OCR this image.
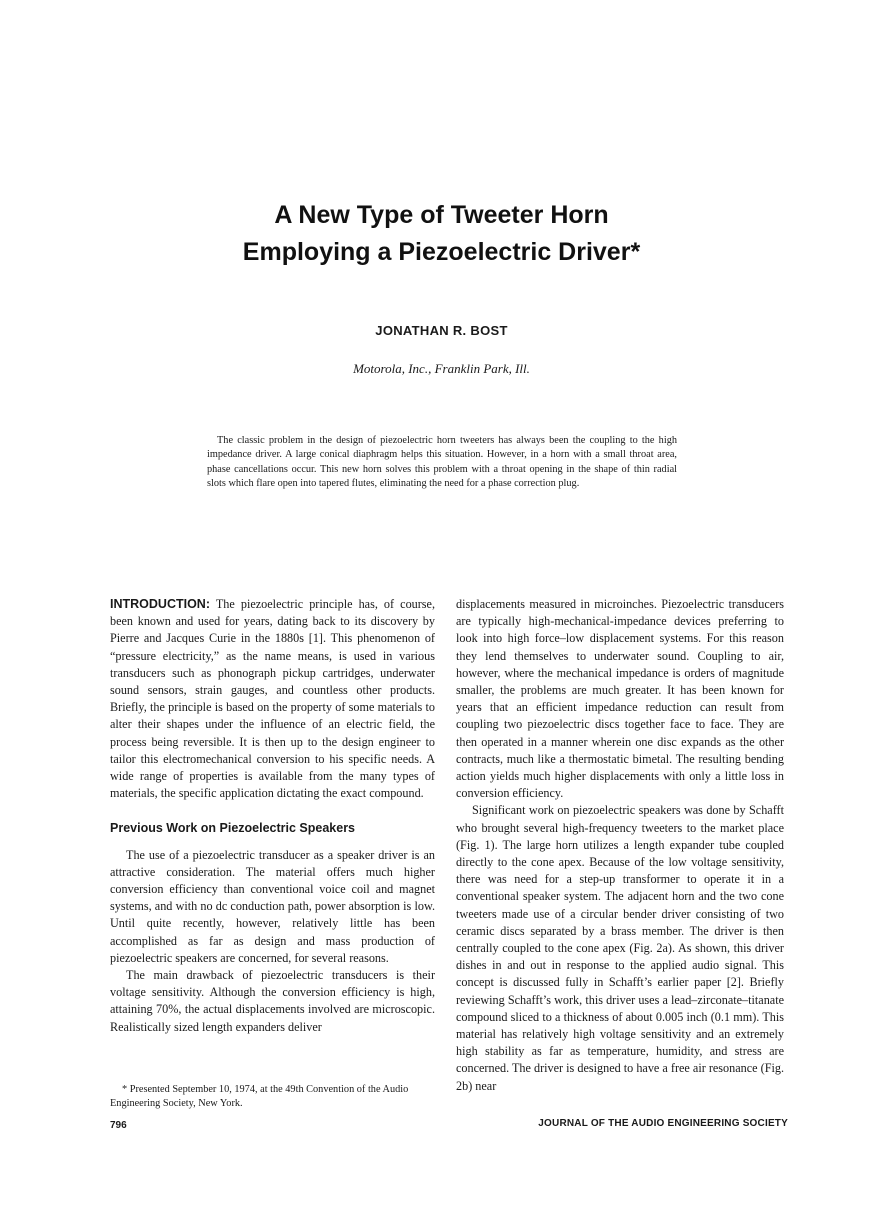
A New Type of Tweeter Horn
Employing a Piezoelectric Driver*
JONATHAN R. BOST
Motorola, Inc., Franklin Park, Ill.

The classic problem in the design of piezoelectric horn tweeters has always been the coupling to the high impedance driver. A large conical diaphragm helps this situation. However, in a horn with a small throat area, phase cancellations occur. This new horn solves this problem with a throat opening in the shape of thin radial slots which flare open into tapered flutes, eliminating the need for a phase correction plug.

INTRODUCTION: The piezoelectric principle has, of course, been known and used for years, dating back to its discovery by Pierre and Jacques Curie in the 1880s [1]. This phenomenon of “pressure electricity,” as the name means, is used in various transducers such as phonograph pickup cartridges, underwater sound sensors, strain gauges, and countless other products. Briefly, the principle is based on the property of some materials to alter their shapes under the influence of an electric field, the process being reversible. It is then up to the design engineer to tailor this electromechanical conversion to his specific needs. A wide range of properties is available from the many types of materials, the specific application dictating the exact compound.

Previous Work on Piezoelectric Speakers

The use of a piezoelectric transducer as a speaker driver is an attractive consideration. The material offers much higher conversion efficiency than conventional voice coil and magnet systems, and with no dc conduction path, power absorption is low. Until quite recently, however, relatively little has been accomplished as far as design and mass production of piezoelectric speakers are concerned, for several reasons.

The main drawback of piezoelectric transducers is their voltage sensitivity. Although the conversion efficiency is high, attaining 70%, the actual displacements involved are microscopic. Realistically sized length expanders deliver

displacements measured in microinches. Piezoelectric transducers are typically high-mechanical-impedance devices preferring to look into high force–low displacement systems. For this reason they lend themselves to underwater sound. Coupling to air, however, where the mechanical impedance is orders of magnitude smaller, the problems are much greater. It has been known for years that an efficient impedance reduction can result from coupling two piezoelectric discs together face to face. They are then operated in a manner wherein one disc expands as the other contracts, much like a thermostatic bimetal. The resulting bending action yields much higher displacements with only a little loss in conversion efficiency.

Significant work on piezoelectric speakers was done by Schafft who brought several high-frequency tweeters to the market place (Fig. 1). The large horn utilizes a length expander tube coupled directly to the cone apex. Because of the low voltage sensitivity, there was need for a step-up transformer to operate it in a conventional speaker system. The adjacent horn and the two cone tweeters made use of a circular bender driver consisting of two ceramic discs separated by a brass member. The driver is then centrally coupled to the cone apex (Fig. 2a). As shown, this driver dishes in and out in response to the applied audio signal. This concept is discussed fully in Schafft’s earlier paper [2]. Briefly reviewing Schafft’s work, this driver uses a lead–zirconate–titanate compound sliced to a thickness of about 0.005 inch (0.1 mm). This material has relatively high voltage sensitivity and an extremely high stability as far as temperature, humidity, and stress are concerned. The driver is designed to have a free air resonance (Fig. 2b) near

* Presented September 10, 1974, at the 49th Convention of the Audio Engineering Society, New York.

796	JOURNAL OF THE AUDIO ENGINEERING SOCIETY
